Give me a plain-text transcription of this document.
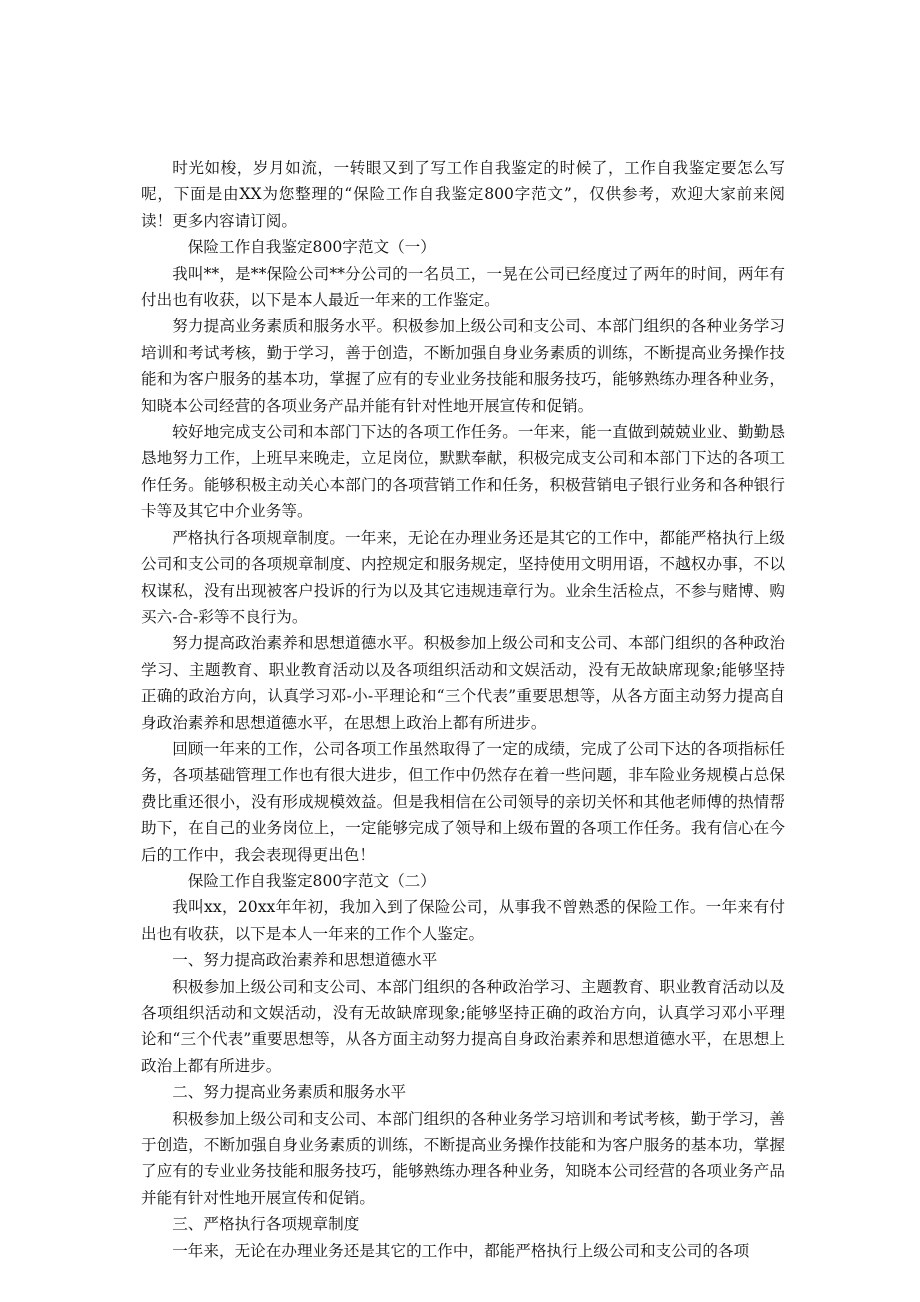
时光如梭，岁月如流，一转眼又到了写工作自我鉴定的时候了，工作自我鉴定要怎么写呢，下面是由XX为您整理的“保险工作自我鉴定800字范文”，仅供参考，欢迎大家前来阅读！更多内容请订阅。

保险工作自我鉴定800字范文（一）

我叫**，是**保险公司**分公司的一名员工，一晃在公司已经度过了两年的时间，两年有付出也有收获，以下是本人最近一年来的工作鉴定。

努力提高业务素质和服务水平。积极参加上级公司和支公司、本部门组织的各种业务学习培训和考试考核，勤于学习，善于创造，不断加强自身业务素质的训练，不断提高业务操作技能和为客户服务的基本功，掌握了应有的专业业务技能和服务技巧，能够熟练办理各种业务，知晓本公司经营的各项业务产品并能有针对性地开展宣传和促销。

较好地完成支公司和本部门下达的各项工作任务。一年来，能一直做到兢兢业业、勤勤恳恳地努力工作，上班早来晚走，立足岗位，默默奉献，积极完成支公司和本部门下达的各项工作任务。能够积极主动关心本部门的各项营销工作和任务，积极营销电子银行业务和各种银行卡等及其它中介业务等。

严格执行各项规章制度。一年来，无论在办理业务还是其它的工作中，都能严格执行上级公司和支公司的各项规章制度、内控规定和服务规定，坚持使用文明用语，不越权办事，不以权谋私，没有出现被客户投诉的行为以及其它违规违章行为。业余生活检点，不参与赌博、购买六-合-彩等不良行为。

努力提高政治素养和思想道德水平。积极参加上级公司和支公司、本部门组织的各种政治学习、主题教育、职业教育活动以及各项组织活动和文娱活动，没有无故缺席现象;能够坚持正确的政治方向，认真学习邓-小-平理论和“三个代表”重要思想等，从各方面主动努力提高自身政治素养和思想道德水平，在思想上政治上都有所进步。

回顾一年来的工作，公司各项工作虽然取得了一定的成绩，完成了公司下达的各项指标任务，各项基础管理工作也有很大进步，但工作中仍然存在着一些问题，非车险业务规模占总保费比重还很小，没有形成规模效益。但是我相信在公司领导的亲切关怀和其他老师傅的热情帮助下，在自己的业务岗位上，一定能够完成了领导和上级布置的各项工作任务。我有信心在今后的工作中，我会表现得更出色！

保险工作自我鉴定800字范文（二）

我叫xx，20xx年年初，我加入到了保险公司，从事我不曾熟悉的保险工作。一年来有付出也有收获，以下是本人一年来的工作个人鉴定。

一、努力提高政治素养和思想道德水平

积极参加上级公司和支公司、本部门组织的各种政治学习、主题教育、职业教育活动以及各项组织活动和文娱活动，没有无故缺席现象;能够坚持正确的政治方向，认真学习邓小平理论和“三个代表”重要思想等，从各方面主动努力提高自身政治素养和思想道德水平，在思想上政治上都有所进步。

二、努力提高业务素质和服务水平

积极参加上级公司和支公司、本部门组织的各种业务学习培训和考试考核，勤于学习，善于创造，不断加强自身业务素质的训练，不断提高业务操作技能和为客户服务的基本功，掌握了应有的专业业务技能和服务技巧，能够熟练办理各种业务，知晓本公司经营的各项业务产品并能有针对性地开展宣传和促销。

三、严格执行各项规章制度

一年来，无论在办理业务还是其它的工作中，都能严格执行上级公司和支公司的各项
